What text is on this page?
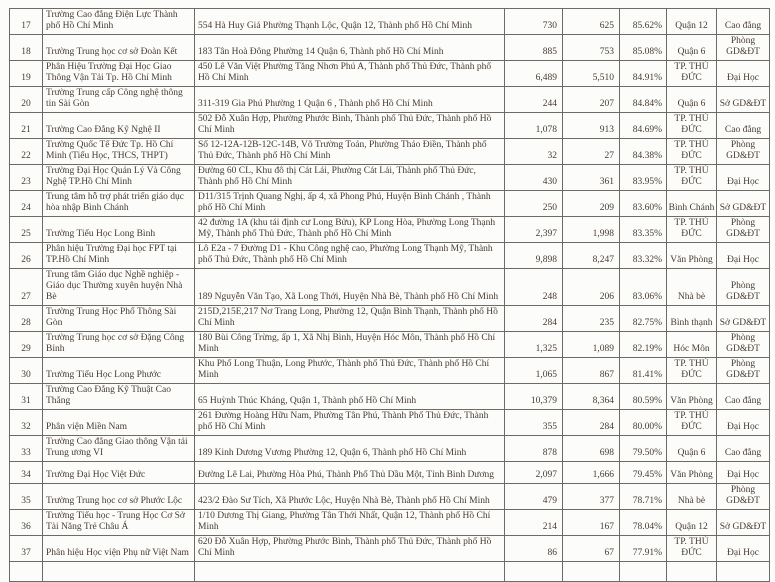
17	Trường Cao đẳng Điện Lực Thành phố Hồ Chí Minh	554 Hà Huy Giá Phường Thạnh Lộc, Quận 12, Thành phố Hồ Chí Minh	730	625	85.62%	Quận 12	Cao đẳng
18	Trường Trung học cơ sở Đoàn Kết	183 Tân Hoà Đông Phường 14 Quận 6, Thành phố Hồ Chí Minh	885	753	85.08%	Quận 6	Phòng GD&ĐT
19	Phân Hiệu Trường Đại Học Giao Thông Vận Tải Tp. Hồ Chí Minh	450 Lê Văn Việt Phường Tăng Nhơn Phú A, Thành phố Thủ Đức, Thành phố Hồ Chí Minh	6,489	5,510	84.91%	TP. THỦ ĐỨC	Đại Học
20	Trường Trung cấp Công nghệ thông tin Sài Gòn	311-319 Gia Phú Phường 1 Quận 6 , Thành phố Hồ Chí Minh	244	207	84.84%	Quận 6	Sở GD&ĐT
21	Trường Cao Đẳng Kỹ Nghệ II	502 Đỗ Xuân Hợp, Phường Phước Bình, Thành phố Thủ Đức, Thành phố Hồ Chí Minh	1,078	913	84.69%	TP. THỦ ĐỨC	Cao đẳng
22	Trường Quốc Tế Đức Tp. Hồ Chí Minh (Tiểu Học, THCS, THPT)	Số 12-12A-12B-12C-14B, Võ Trường Toản, Phường Thảo Điền, Thành phố Thủ Đức, Thành phố Hồ Chí Minh	32	27	84.38%	TP. THỦ ĐỨC	Phòng GD&ĐT
23	Trường Đại Học Quản Lý Và Công Nghệ TP.Hồ Chí Minh	Đường 60 CL, Khu đô thị Cát Lái, Phường Cát Lái, Thành phố Thủ Đức, Thành phố Hồ Chí Minh	430	361	83.95%	TP. THỦ ĐỨC	Đại Học
24	Trung tâm hỗ trợ phát triển giáo dục hòa nhập Bình Chánh	D11/315 Trịnh Quang Nghị, ấp 4, xã Phong Phú, Huyện Bình Chánh , Thành phố Hồ Chí Minh	250	209	83.60%	Bình Chánh	Sở GD&ĐT
25	Trường Tiểu Học Long Bình	42 đường 1A (khu tái định cư Long Bửu), KP Long Hòa, Phường Long Thạnh Mỹ, Thành phố Thủ Đức, Thành phố Hồ Chí Minh	2,397	1,998	83.35%	TP. THỦ ĐỨC	Phòng GD&ĐT
26	Phân hiệu Trường Đại học FPT tại TP.Hồ Chí Minh	Lô E2a - 7 Đường D1 - Khu Công nghệ cao, Phường Long Thạnh Mỹ, Thành phố Thủ Đức, Thành phố Hồ Chí Minh	9,898	8,247	83.32%	Văn Phòng	Đại Học
27	Trung tâm Giáo dục Nghề nghiệp - Giáo dục Thường xuyên huyện Nhà Bè	189 Nguyễn Văn Tạo, Xã Long Thới, Huyện Nhà Bè, Thành phố Hồ Chí Minh	248	206	83.06%	Nhà bè	Phòng GD&ĐT
28	Trường Trung Học Phổ Thông Sài Gòn	215D,215E,217 Nơ Trang Long, Phường 12, Quận Bình Thạnh, Thành phố Hồ Chí Minh	284	235	82.75%	Bình thạnh	Sở GD&ĐT
29	Trường Trung học cơ sở Đặng Công Bỉnh	180 Bùi Công Trừng, ấp 1, Xã Nhị Bình, Huyện Hóc Môn, Thành phố Hồ Chí Minh	1,325	1,089	82.19%	Hóc Môn	Phòng GD&ĐT
30	Trường Tiểu Học Long Phước	Khu Phố Long Thuận, Long Phước, Thành phố Thủ Đức, Thành phố Hồ Chí Minh	1,065	867	81.41%	TP. THỦ ĐỨC	Phòng GD&ĐT
31	Trường Cao Đẳng Kỹ Thuật Cao Thắng	65 Huỳnh Thúc Kháng, Quận 1, Thành phố Hồ Chí Minh	10,379	8,364	80.59%	Văn Phòng	Cao đẳng
32	Phân viện Miền Nam	261 Đường Hoàng Hữu Nam, Phường Tân Phú, Thành Phố Thủ Đức, Thành phố Hồ Chí Minh	355	284	80.00%	TP. THỦ ĐỨC	Đại Học
33	Trường Cao đẳng Giao thông Vận tải Trung ương VI	189 Kinh Dương Vương Phường 12, Quận 6, Thành phố Hồ Chí Minh	878	698	79.50%	Quận 6	Cao đẳng
34	Trường Đại Học Việt Đức	Đường Lê Lai, Phường Hòa Phú, Thành Phố Thủ Dầu Một, Tỉnh Bình Dương	2,097	1,666	79.45%	Văn Phòng	Đại Học
35	Trường Trung học cơ sở Phước Lộc	423/2 Đào Sư Tích, Xã Phước Lộc, Huyện Nhà Bè, Thành phố Hồ Chí Minh	479	377	78.71%	Nhà bè	Phòng GD&ĐT
36	Trường Tiểu học - Trung Học Cơ Sở Tài Năng Trẻ Châu Á	1/10 Dương Thị Giang, Phường Tân Thới Nhất, Quận 12, Thành phố Hồ Chí Minh	214	167	78.04%	Quận 12	Sở GD&ĐT
37	Phân hiệu Học viện Phụ nữ Việt Nam	620 Đỗ Xuân Hợp, Phường Phước Bình, Thành phố Thủ Đức, Thành phố Hồ Chí Minh	86	67	77.91%	TP. THỦ ĐỨC	Đại Học
